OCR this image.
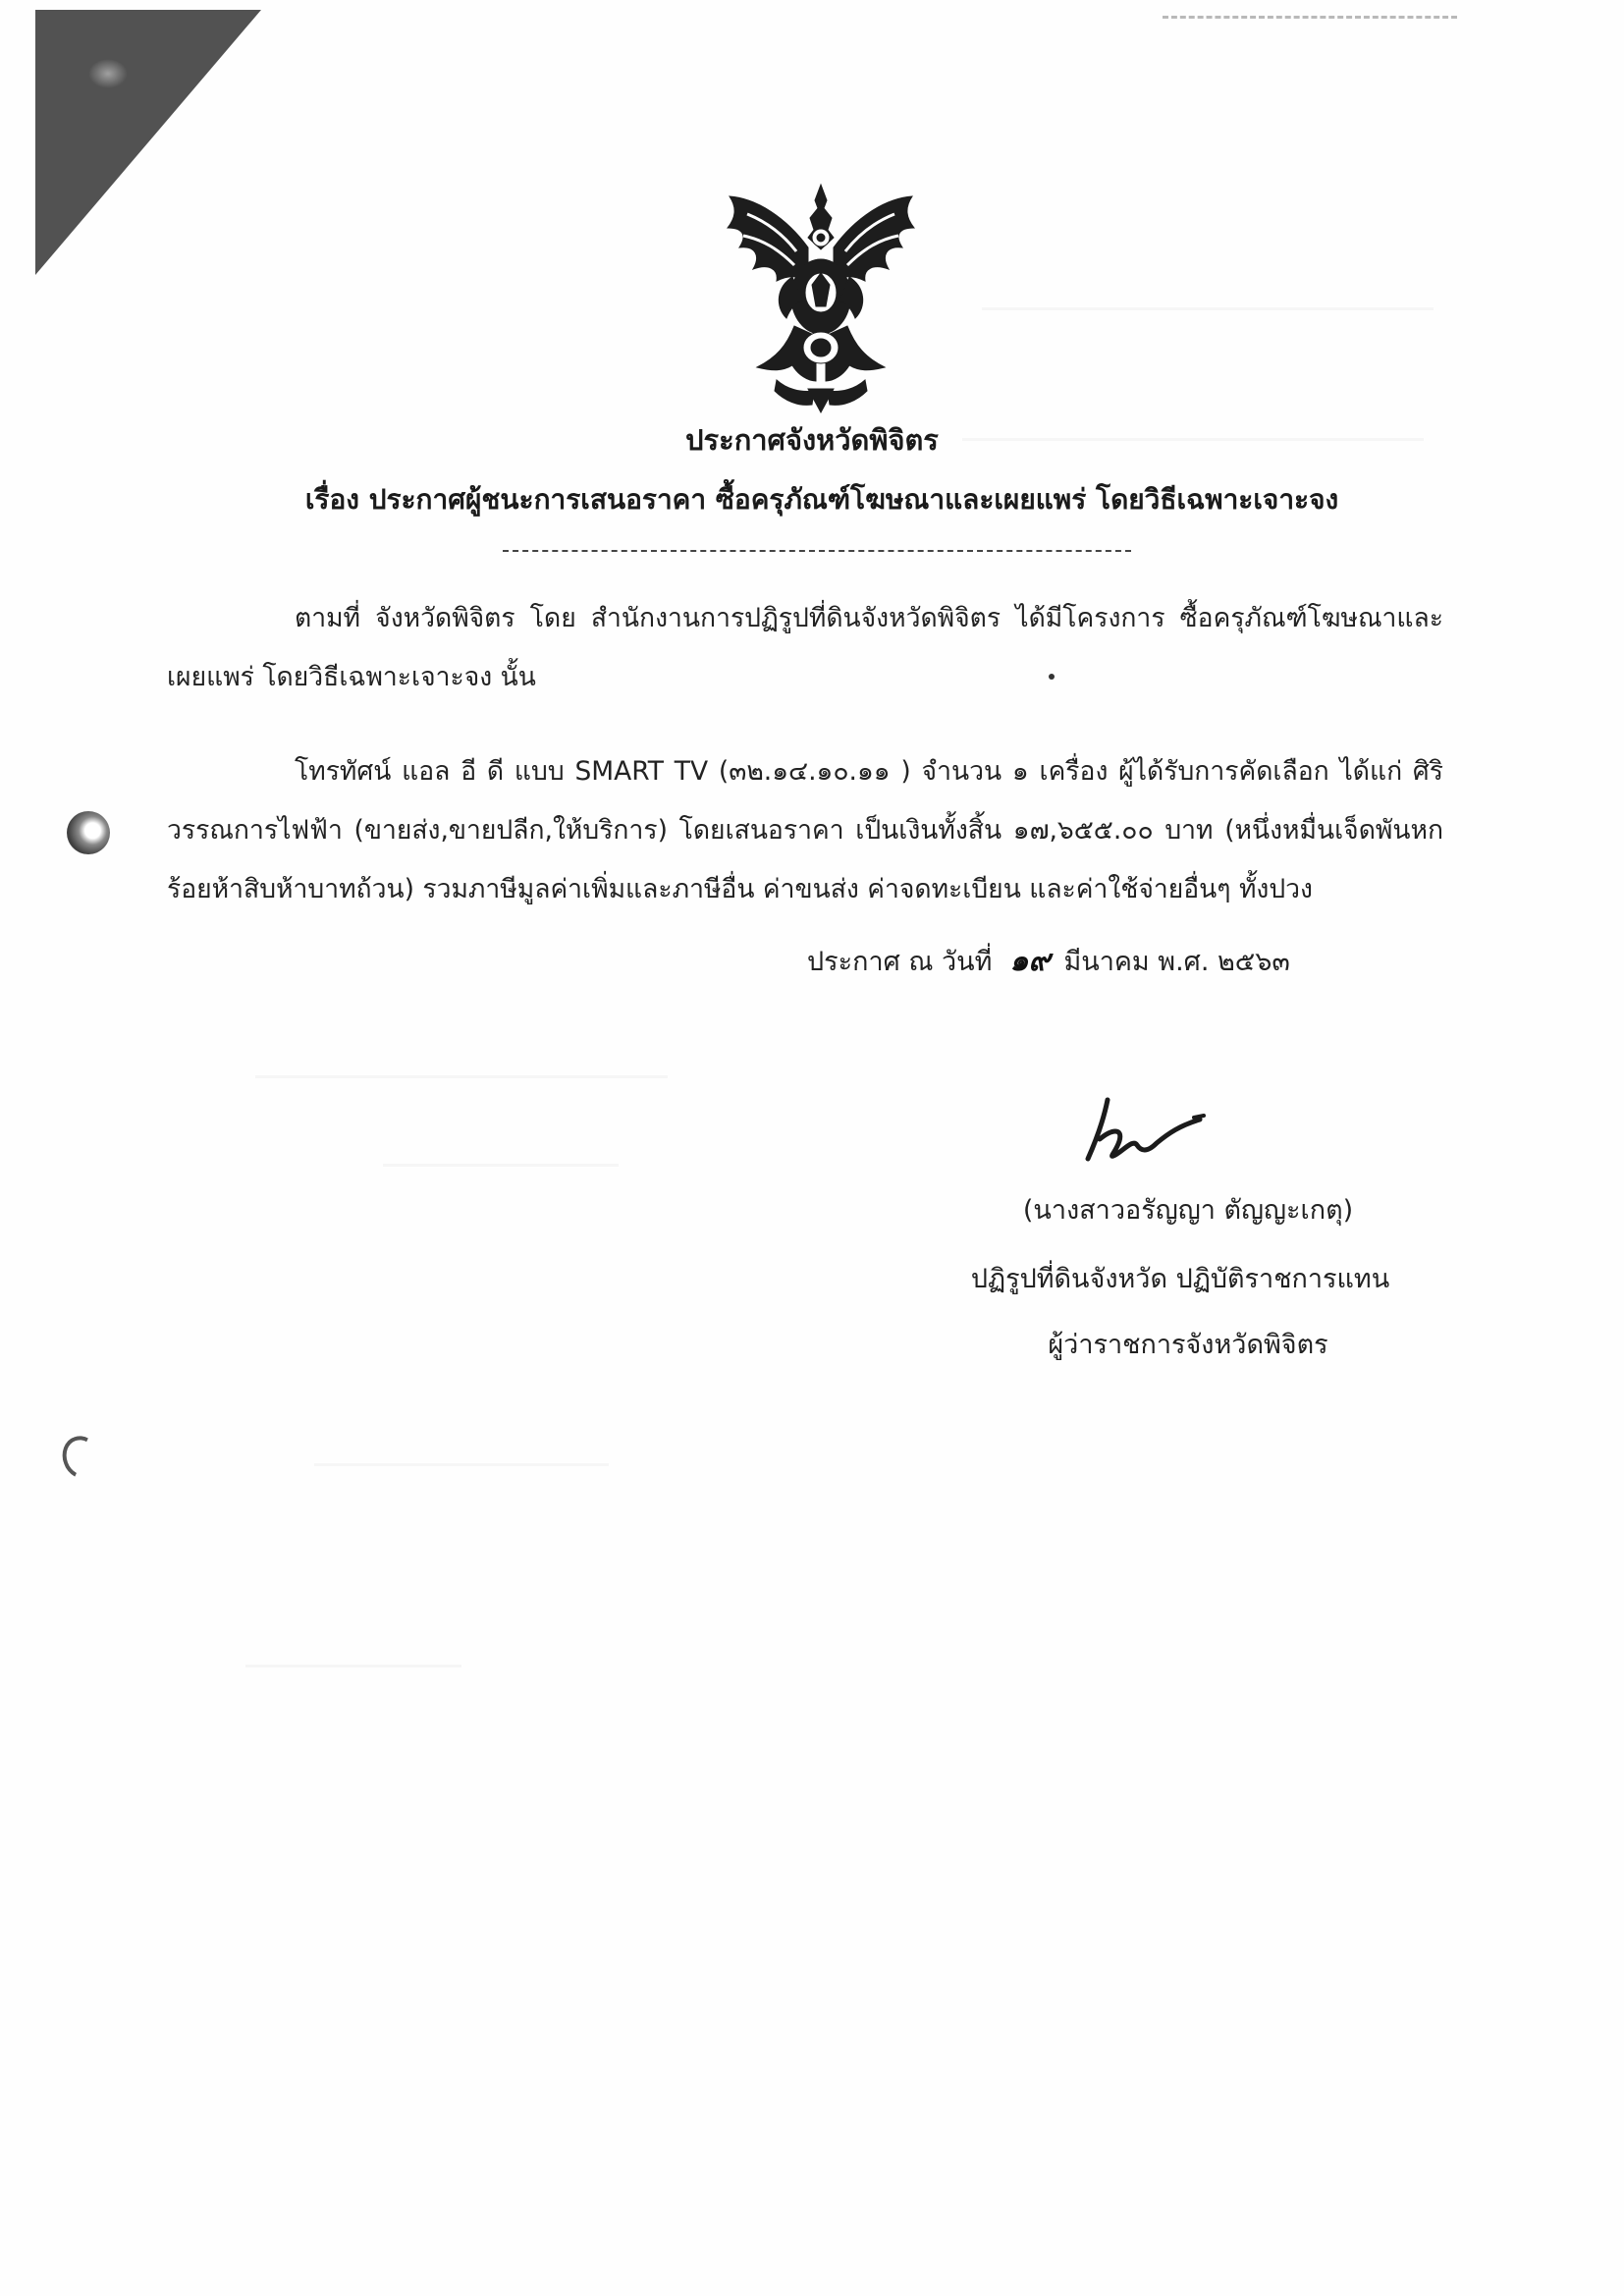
ประกาศจังหวัดพิจิตร
เรื่อง ประกาศผู้ชนะการเสนอราคา ซื้อครุภัณฑ์โฆษณาและเผยแพร่ โดยวิธีเฉพาะเจาะจง
ตามที่ จังหวัดพิจิตร โดย สำนักงานการปฏิรูปที่ดินจังหวัดพิจิตร ได้มีโครงการ ซื้อครุภัณฑ์โฆษณาและเผยแพร่ โดยวิธีเฉพาะเจาะจง นั้น
โทรทัศน์ แอล อี ดี แบบ SMART TV (๓๒.๑๔.๑๐.๑๑ ) จำนวน ๑ เครื่อง ผู้ได้รับการคัดเลือก ได้แก่ ศิริวรรณการไฟฟ้า (ขายส่ง,ขายปลีก,ให้บริการ) โดยเสนอราคา เป็นเงินทั้งสิ้น ๑๗,๖๕๕.๐๐ บาท (หนึ่งหมื่นเจ็ดพันหกร้อยห้าสิบห้าบาทถ้วน) รวมภาษีมูลค่าเพิ่มและภาษีอื่น ค่าขนส่ง ค่าจดทะเบียน และค่าใช้จ่ายอื่นๆ ทั้งปวง
ประกาศ ณ วันที่ ๑๙ มีนาคม พ.ศ. ๒๕๖๓
(นางสาวอรัญญา ตัญญะเกตุ)
ปฏิรูปที่ดินจังหวัด ปฏิบัติราชการแทน
ผู้ว่าราชการจังหวัดพิจิตร
